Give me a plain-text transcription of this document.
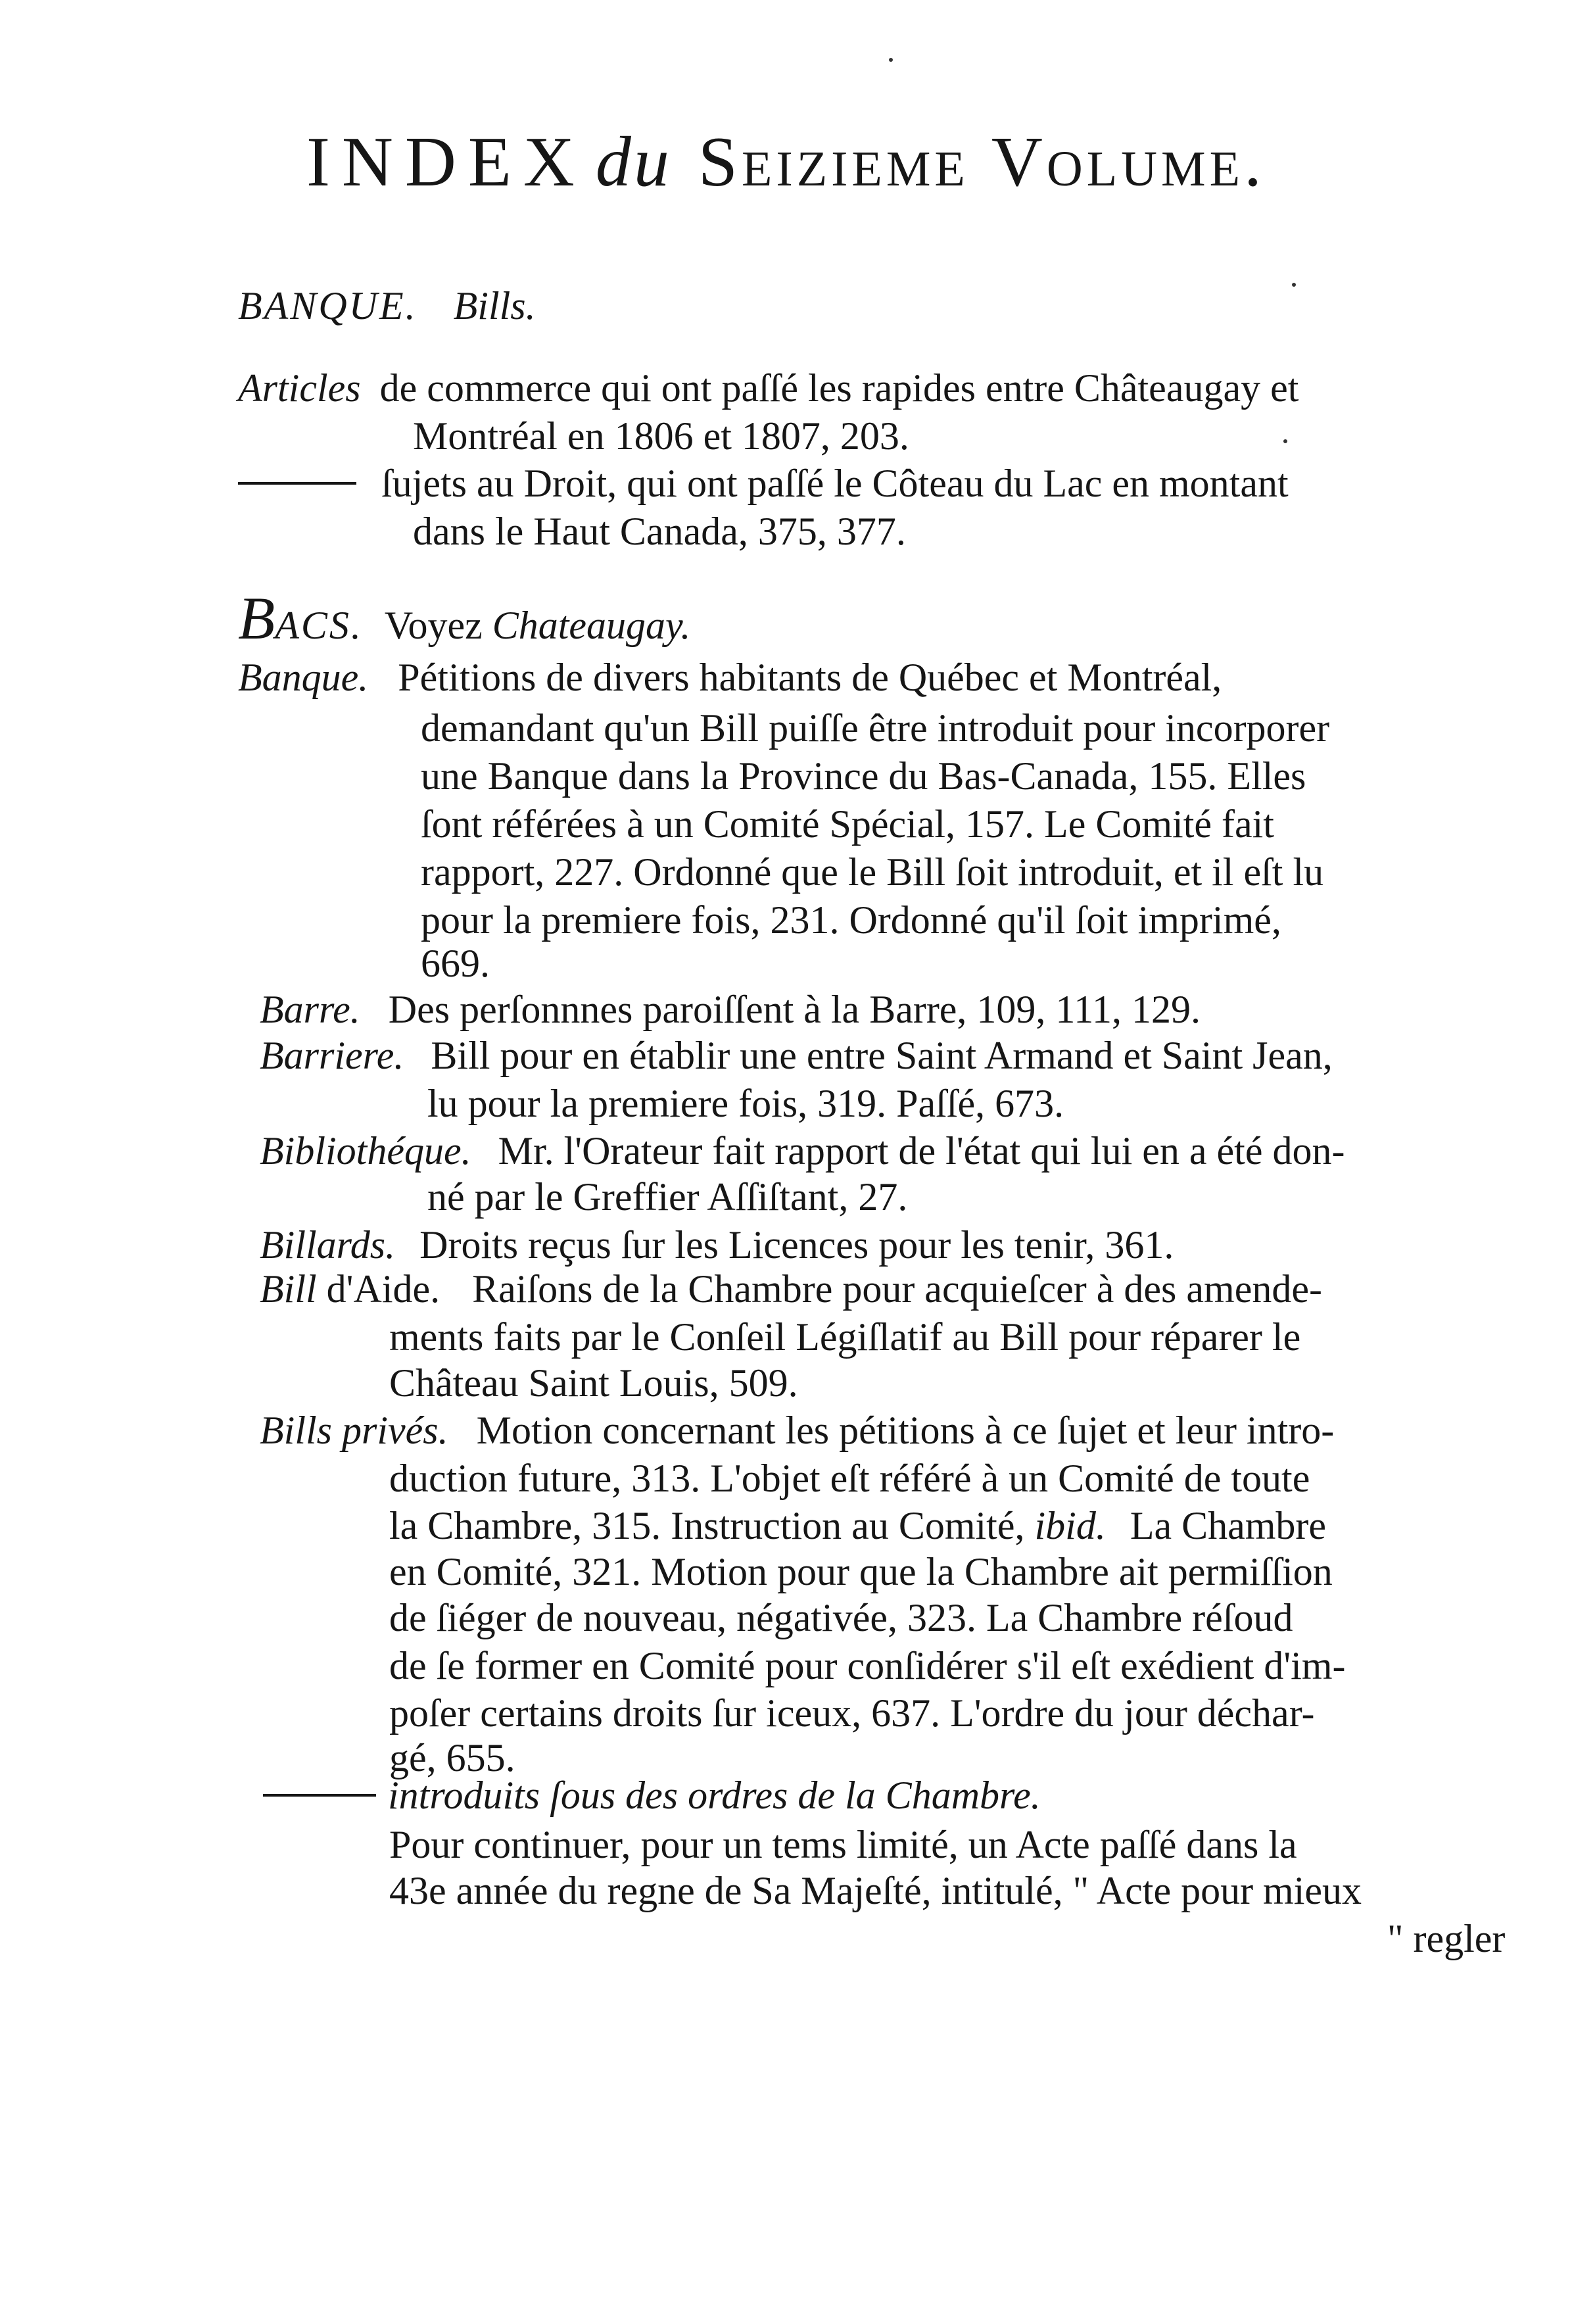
INDEX du Seizieme Volume.
BANQUE. Bills.
Articles de commerce qui ont paſſé les rapides entre Châteaugay et
Montréal en 1806 et 1807, 203.
ſujets au Droit, qui ont paſſé le Côteau du Lac en montant
dans le Haut Canada, 375, 377.
BACS. Voyez Chateaugay.
Banque. Pétitions de divers habitants de Québec et Montréal,
demandant qu'un Bill puiſſe être introduit pour incorporer
une Banque dans la Province du Bas-Canada, 155. Elles
ſont référées à un Comité Spécial, 157. Le Comité fait
rapport, 227. Ordonné que le Bill ſoit introduit, et il eſt lu
pour la premiere fois, 231. Ordonné qu'il ſoit imprimé,
669.
Barre. Des perſonnnes paroiſſent à la Barre, 109, 111, 129.
Barriere. Bill pour en établir une entre Saint Armand et Saint Jean,
lu pour la premiere fois, 319. Paſſé, 673.
Bibliothéque. Mr. l'Orateur fait rapport de l'état qui lui en a été don-
né par le Greffier Aſſiſtant, 27.
Billards. Droits reçus ſur les Licences pour les tenir, 361.
Bill d'Aide. Raiſons de la Chambre pour acquieſcer à des amende-
ments faits par le Conſeil Légiſlatif au Bill pour réparer le
Château Saint Louis, 509.
Bills privés. Motion concernant les pétitions à ce ſujet et leur intro-
duction future, 313. L'objet eſt référé à un Comité de toute
la Chambre, 315. Instruction au Comité, ibid. La Chambre
en Comité, 321. Motion pour que la Chambre ait permiſſion
de ſiéger de nouveau, négativée, 323. La Chambre réſoud
de ſe former en Comité pour conſidérer s'il eſt exédient d'im-
poſer certains droits ſur iceux, 637. L'ordre du jour déchar-
gé, 655.
introduits ſous des ordres de la Chambre.
Pour continuer, pour un tems limité, un Acte paſſé dans la
43e année du regne de Sa Majeſté, intitulé, " Acte pour mieux
" regler
